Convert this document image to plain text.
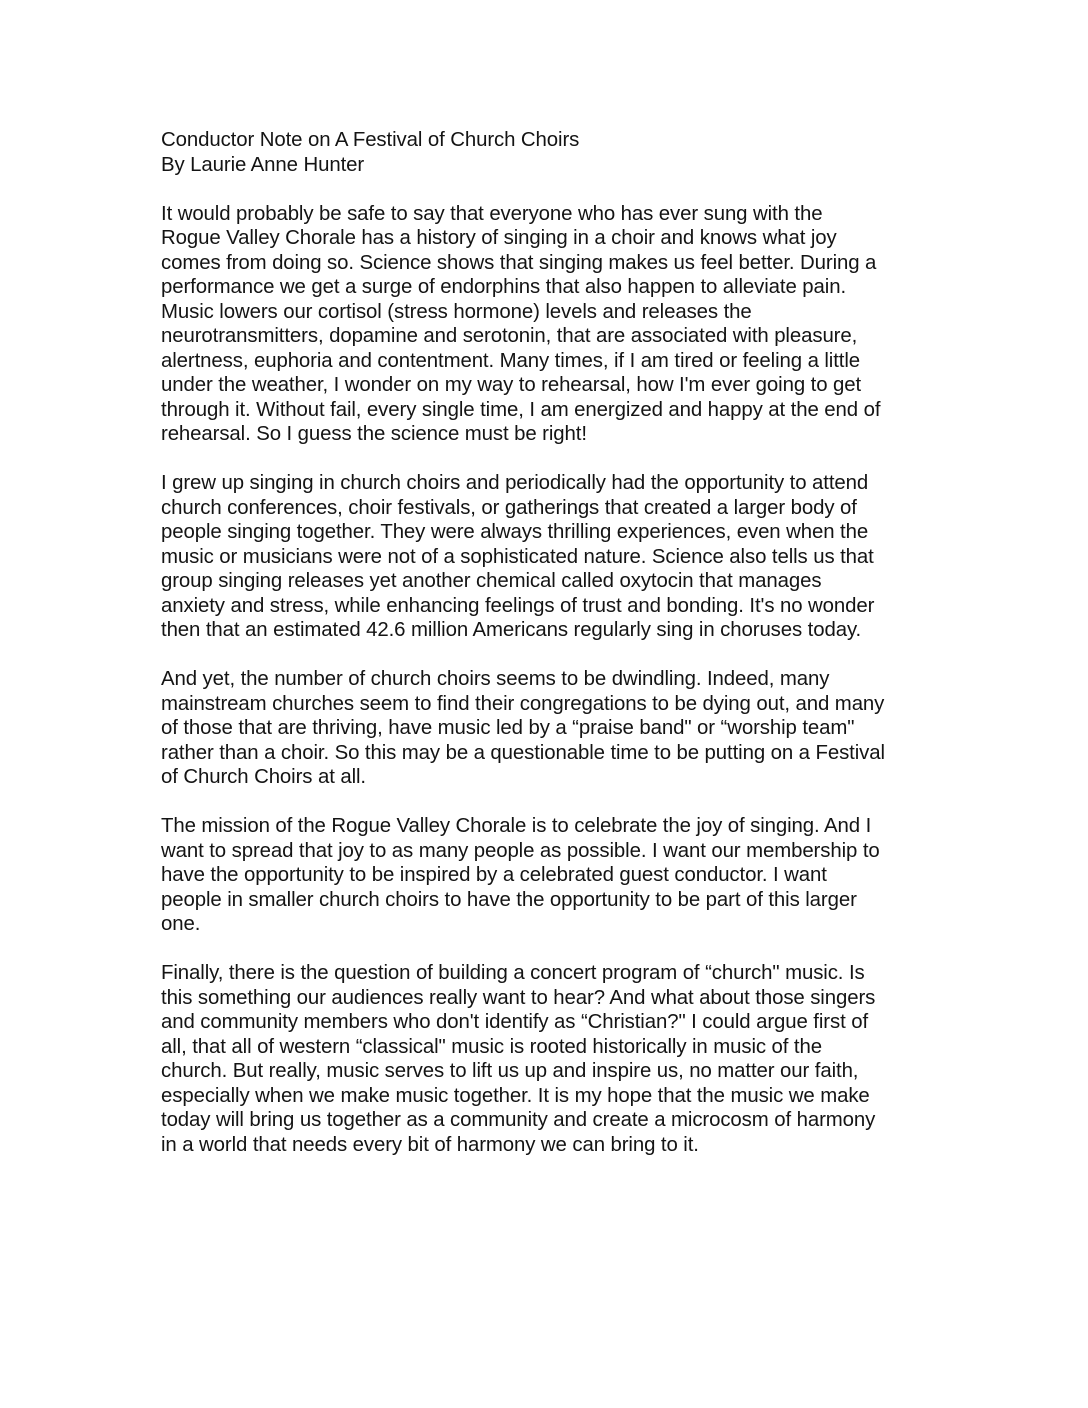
Conductor Note on A Festival of Church Choirs

By Laurie Anne Hunter

It would probably be safe to say that everyone who has ever sung with the
Rogue Valley Chorale has a history of singing in a choir and knows what joy
comes from doing so. Science shows that singing makes us feel better. During a
performance we get a surge of endorphins that also happen to alleviate pain.
Music lowers our cortisol (stress hormone) levels and releases the
neurotransmitters, dopamine and serotonin, that are associated with pleasure,
alertness, euphoria and contentment. Many times, if I am tired or feeling a little
under the weather, I wonder on my way to rehearsal, how I'm ever going to get
through it. Without fail, every single time, I am energized and happy at the end of
rehearsal. So I guess the science must be right!
I grew up singing in church choirs and periodically had the opportunity to attend
church conferences, choir festivals, or gatherings that created a larger body of
people singing together. They were always thrilling experiences, even when the
music or musicians were not of a sophisticated nature. Science also tells us that
group singing releases yet another chemical called oxytocin that manages
anxiety and stress, while enhancing feelings of trust and bonding. It's no wonder
then that an estimated 42.6 million Americans regularly sing in choruses today.
And yet, the number of church choirs seems to be dwindling. Indeed, many
mainstream churches seem to find their congregations to be dying out, and many
of those that are thriving, have music led by a “praise band" or “worship team"
rather than a choir. So this may be a questionable time to be putting on a Festival
of Church Choirs at all.
The mission of the Rogue Valley Chorale is to celebrate the joy of singing. And I
want to spread that joy to as many people as possible. I want our membership to
have the opportunity to be inspired by a celebrated guest conductor. I want
people in smaller church choirs to have the opportunity to be part of this larger
one.
Finally, there is the question of building a concert program of “church" music. Is
this something our audiences really want to hear? And what about those singers
and community members who don't identify as “Christian?" I could argue first of
all, that all of western “classical" music is rooted historically in music of the
church. But really, music serves to lift us up and inspire us, no matter our faith,
especially when we make music together. It is my hope that the music we make
today will bring us together as a community and create a microcosm of harmony
in a world that needs every bit of harmony we can bring to it.
